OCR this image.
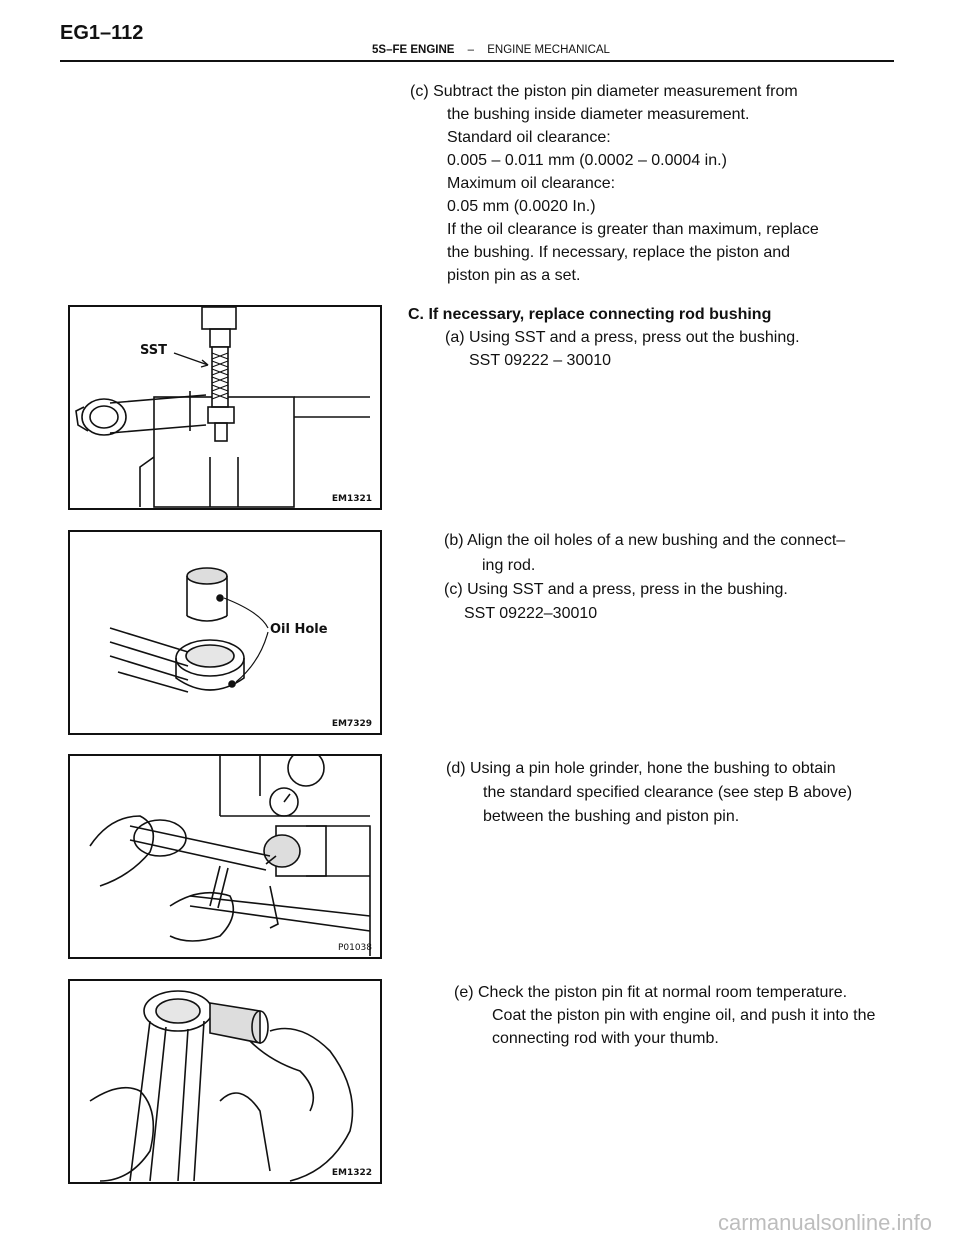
EG1–112
5S–FE ENGINE – ENGINE MECHANICAL
(c) Subtract the piston pin diameter measurement from
the bushing inside diameter measurement.
Standard oil clearance:
0.005 – 0.011 mm (0.0002 – 0.0004 in.)
Maximum oil clearance:
0.05 mm (0.0020 In.)
If the oil clearance is greater than maximum, replace
the bushing. If necessary, replace the piston and
piston pin as a set.
C. If necessary, replace connecting rod bushing
(a) Using SST and a press, press out the bushing.
SST 09222 – 30010
(b) Align the oil holes of a new bushing and the connect–
ing rod.
(c) Using SST and a press, press in the bushing.
SST 09222–30010
(d) Using a pin hole grinder, hone the bushing to obtain
the standard specified clearance (see step B above)
between the bushing and piston pin.
(e) Check the piston pin fit at normal room temperature.
Coat the piston pin with engine oil, and push it into the
connecting rod with your thumb.
SST
EM1321
Oil Hole
EM7329
P01038
EM1322
carmanualsonline.info
